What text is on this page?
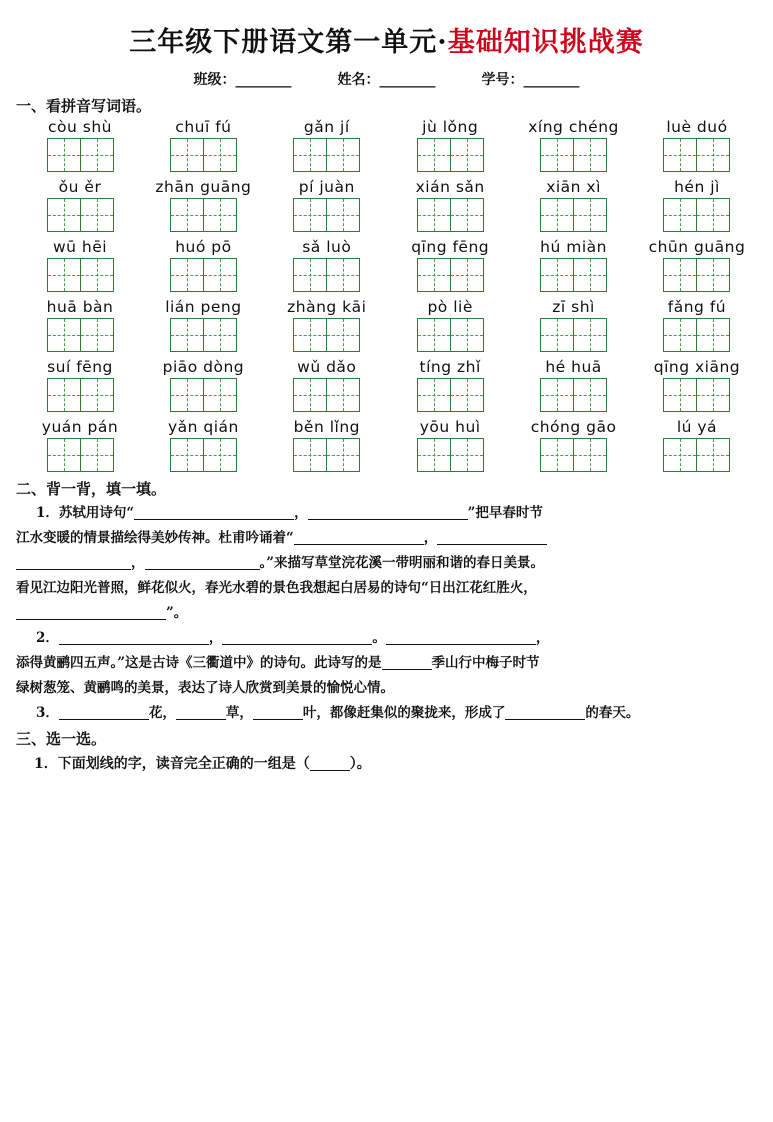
三年级下册语文第一单元·基础知识挑战赛
班级：________	姓名：________	学号：________
一、看拼音写词语。
còu shù	chuī fú	gǎn jí	jù lǒng	xíng chéng	luè duó
ǒu ěr	zhān guāng	pí juàn	xián sǎn	xiān xì	hén jì
wū hēi	huó pō	sǎ luò	qīng fēng	hú miàn	chūn guāng
huā bàn	lián peng	zhàng kāi	pò liè	zī shì	fǎng fú
suí fēng	piāo dòng	wǔ dǎo	tíng zhǐ	hé huā	qīng xiāng
yuán pán	yǎn qián	běn lǐng	yōu huì	chóng gāo	lú yá
二、背一背，填一填。
1．苏轼用诗句“	，	”把早春时节
江水变暖的情景描绘得美妙传神。杜甫吟诵着“	，
，	。”来描写草堂浣花溪一带明丽和谐的春日美景。
看见江边阳光普照，鲜花似火，春光水碧的景色我想起白居易的诗句“日出江花红胜火，
”。
2．	，	。	，
添得黄鹂四五声。”这是古诗《三衢道中》的诗句。此诗写的是	季山行中梅子时节
绿树葱笼、黄鹂鸣的美景，表达了诗人欣赏到美景的愉悦心情。
3．	花，	草，	叶，都像赶集似的聚拢来，形成了	的春天。
三、选一选。
1．下面划线的字，读音完全正确的一组是（	）。
